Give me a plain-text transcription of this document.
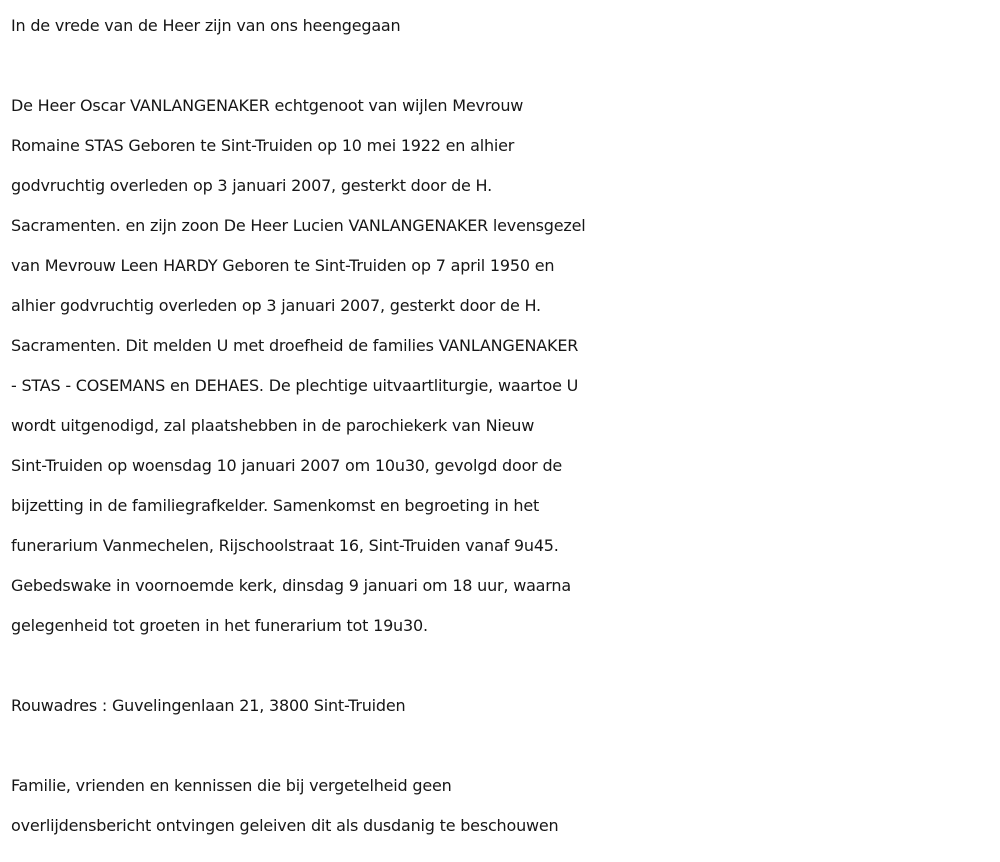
In de vrede van de Heer zijn van ons heengegaan
De Heer Oscar VANLANGENAKER echtgenoot van wijlen Mevrouw
Romaine STAS Geboren te Sint-Truiden op 10 mei 1922 en alhier
godvruchtig overleden op 3 januari 2007, gesterkt door de H.
Sacramenten. en zijn zoon De Heer Lucien VANLANGENAKER levensgezel
van Mevrouw Leen HARDY Geboren te Sint-Truiden op 7 april 1950 en
alhier godvruchtig overleden op 3 januari 2007, gesterkt door de H.
Sacramenten. Dit melden U met droefheid de families VANLANGENAKER
- STAS - COSEMANS en DEHAES. De plechtige uitvaartliturgie, waartoe U
wordt uitgenodigd, zal plaatshebben in de parochiekerk van Nieuw
Sint-Truiden op woensdag 10 januari 2007 om 10u30, gevolgd door de
bijzetting in de familiegrafkelder. Samenkomst en begroeting in het
funerarium Vanmechelen, Rijschoolstraat 16, Sint-Truiden vanaf 9u45.
Gebedswake in voornoemde kerk, dinsdag 9 januari om 18 uur, waarna
gelegenheid tot groeten in het funerarium tot 19u30.
Rouwadres : Guvelingenlaan 21, 3800 Sint-Truiden
Familie, vrienden en kennissen die bij vergetelheid geen
overlijdensbericht ontvingen geleiven dit als dusdanig te beschouwen
